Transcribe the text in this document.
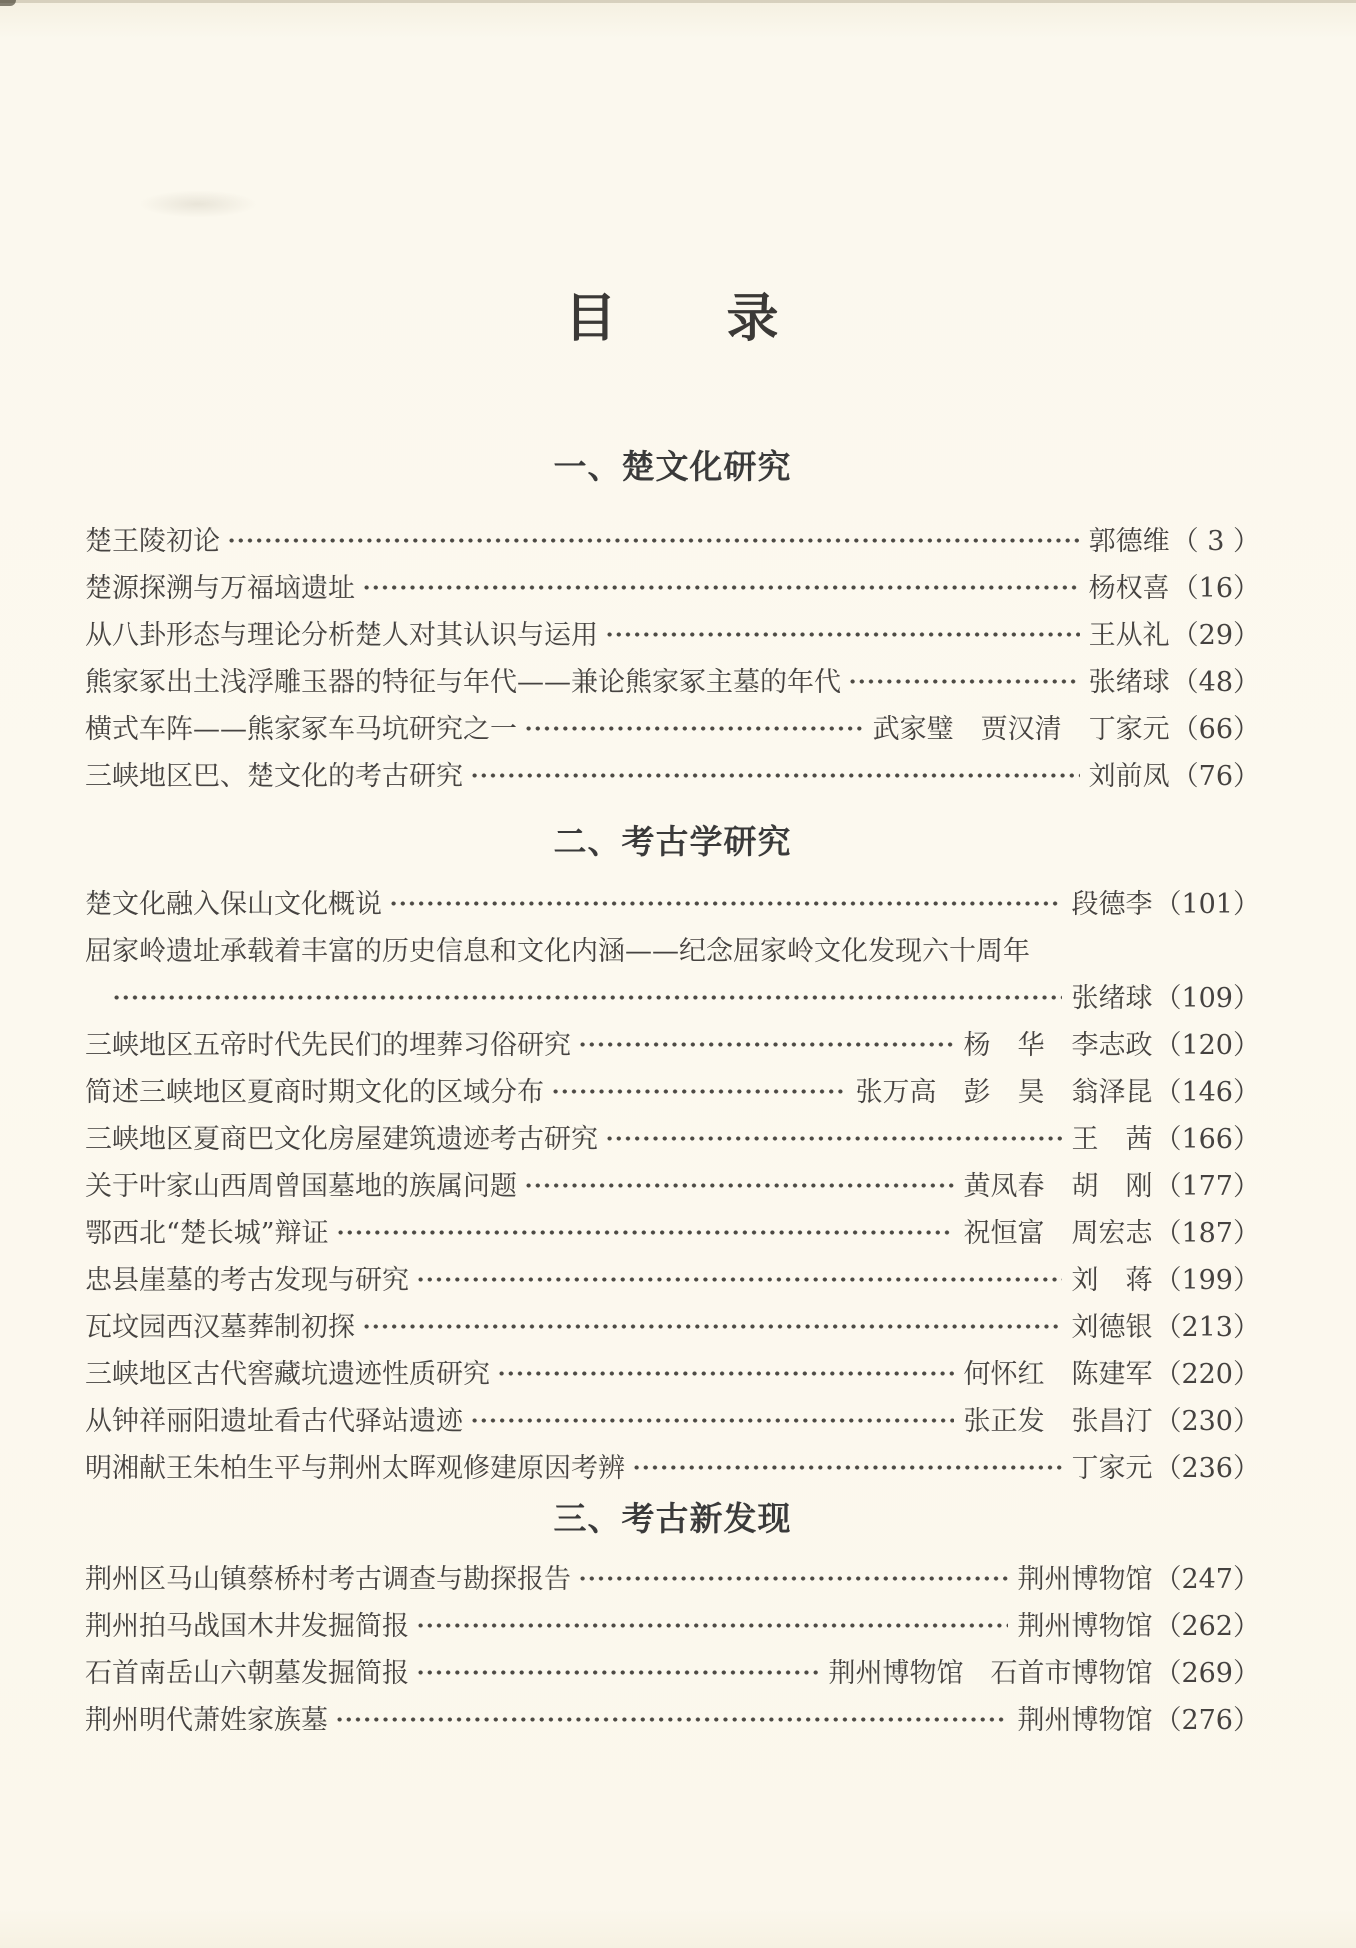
目　　录
一、楚文化研究
楚王陵初论	郭德维 （ 3 ）
楚源探溯与万福垴遗址	杨权喜 （16）
从八卦形态与理论分析楚人对其认识与运用	王从礼 （29）
熊家冢出土浅浮雕玉器的特征与年代——兼论熊家冢主墓的年代	张绪球 （48）
横式车阵——熊家冢车马坑研究之一	武家璧　贾汉清　丁家元 （66）
三峡地区巴、楚文化的考古研究	刘前凤 （76）
二、考古学研究
楚文化融入保山文化概说	段德李 （101）
屈家岭遗址承载着丰富的历史信息和文化内涵——纪念屈家岭文化发现六十周年
张绪球 （109）
三峡地区五帝时代先民们的埋葬习俗研究	杨　华　李志政 （120）
简述三峡地区夏商时期文化的区域分布	张万高　彭　昊　翁泽昆 （146）
三峡地区夏商巴文化房屋建筑遗迹考古研究	王　茜 （166）
关于叶家山西周曾国墓地的族属问题	黄凤春　胡　刚 （177）
鄂西北“楚长城”辩证	祝恒富　周宏志 （187）
忠县崖墓的考古发现与研究	刘　蒋 （199）
瓦坟园西汉墓葬制初探	刘德银 （213）
三峡地区古代窖藏坑遗迹性质研究	何怀红　陈建军 （220）
从钟祥丽阳遗址看古代驿站遗迹	张正发　张昌汀 （230）
明湘献王朱柏生平与荆州太晖观修建原因考辨	丁家元 （236）
三、考古新发现
荆州区马山镇蔡桥村考古调查与勘探报告	荆州博物馆 （247）
荆州拍马战国木井发掘简报	荆州博物馆 （262）
石首南岳山六朝墓发掘简报	荆州博物馆　石首市博物馆 （269）
荆州明代萧姓家族墓	荆州博物馆 （276）
